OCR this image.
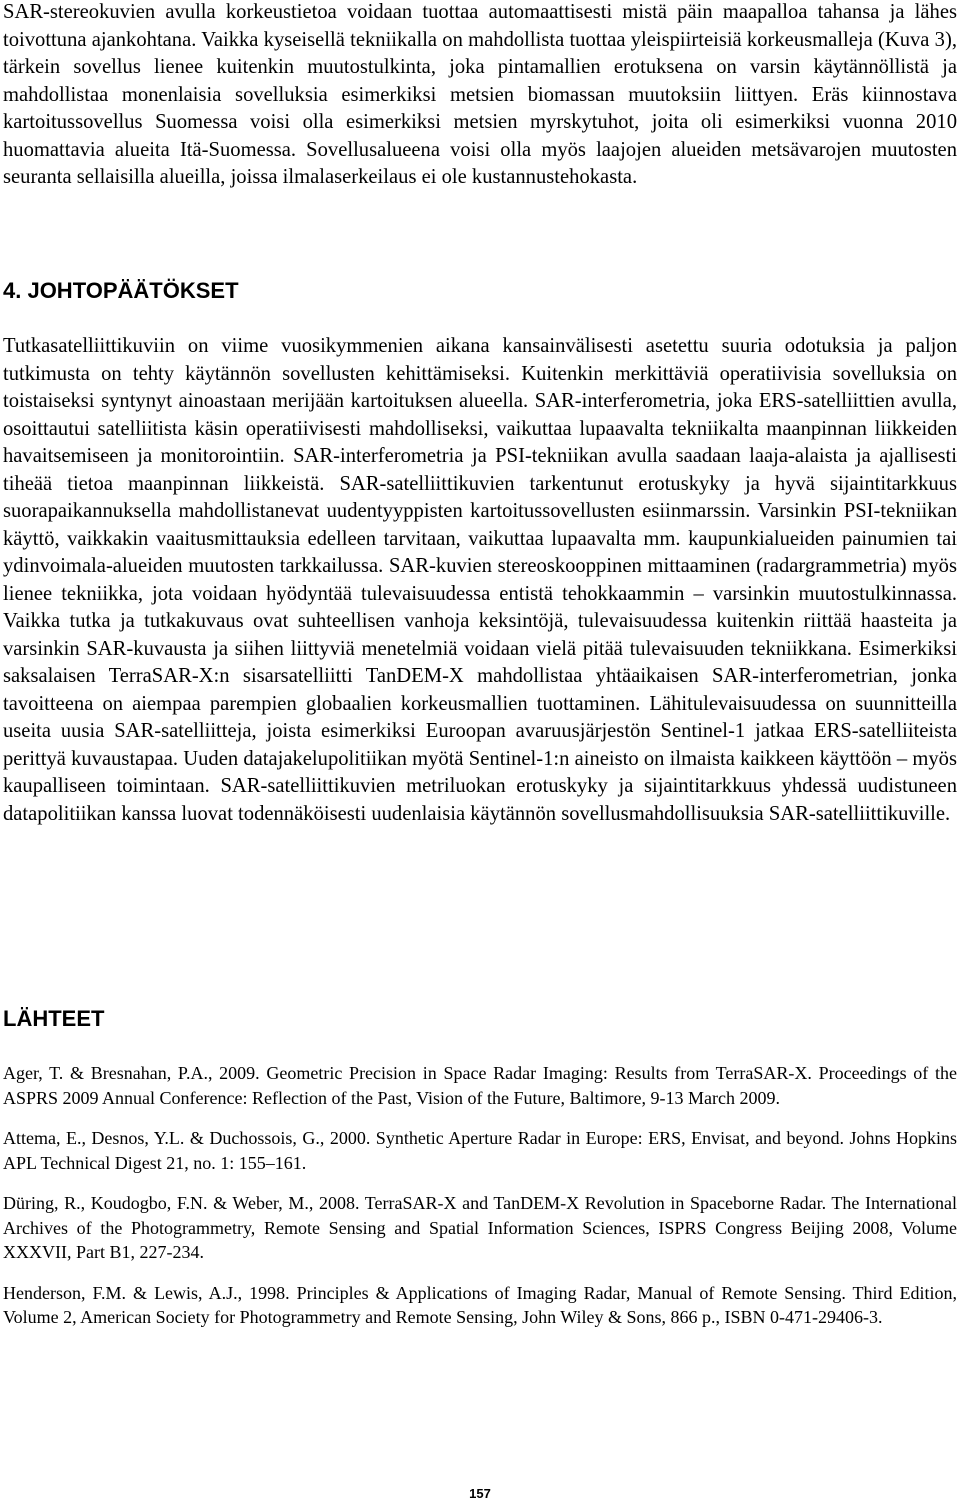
SAR-stereokuvien avulla korkeustietoa voidaan tuottaa automaattisesti mistä päin maapalloa tahansa ja lähes toivottuna ajankohtana. Vaikka kyseisellä tekniikalla on mahdollista tuottaa yleispiirteisiä korkeusmalleja (Kuva 3), tärkein sovellus lienee kuitenkin muutostulkinta, joka pintamallien erotuksena on varsin käytännöllistä ja mahdollistaa monenlaisia sovelluksia esimerkiksi metsien biomassan muutoksiin liittyen. Eräs kiinnostava kartoitussovellus Suomessa voisi olla esimerkiksi metsien myrskytuhot, joita oli esimerkiksi vuonna 2010 huomattavia alueita Itä-Suomessa. Sovellusalueena voisi olla myös laajojen alueiden metsävarojen muutosten seuranta sellaisilla alueilla, joissa ilmalaserkeilaus ei ole kustannustehokasta.

4. JOHTOPÄÄTÖKSET

Tutkasatelliittikuviin on viime vuosikymmenien aikana kansainvälisesti asetettu suuria odotuksia ja paljon tutkimusta on tehty käytännön sovellusten kehittämiseksi. Kuitenkin merkittäviä operatiivisia sovelluksia on toistaiseksi syntynyt ainoastaan merijään kartoituksen alueella. SAR-interferometria, joka ERS-satelliittien avulla, osoittautui satelliitista käsin operatiivisesti mahdolliseksi, vaikuttaa lupaavalta tekniikalta maanpinnan liikkeiden havaitsemiseen ja monitorointiin. SAR-interferometria ja PSI-tekniikan avulla saadaan laaja-alaista ja ajallisesti tiheää tietoa maanpinnan liikkeistä. SAR-satelliittikuvien tarkentunut erotuskyky ja hyvä sijaintitarkkuus suorapaikannuksella mahdollistanevat uudentyyppisten kartoitussovellusten esiinmarssin. Varsinkin PSI-tekniikan käyttö, vaikkakin vaaitusmittauksia edelleen tarvitaan, vaikuttaa lupaavalta mm. kaupunkialueiden painumien tai ydinvoimala-alueiden muutosten tarkkailussa. SAR-kuvien stereoskooppinen mittaaminen (radargrammetria) myös lienee tekniikka, jota voidaan hyödyntää tulevaisuudessa entistä tehokkaammin – varsinkin muutostulkinnassa. Vaikka tutka ja tutkakuvaus ovat suhteellisen vanhoja keksintöjä, tulevaisuudessa kuitenkin riittää haasteita ja varsinkin SAR-kuvausta ja siihen liittyviä menetelmiä voidaan vielä pitää tulevaisuuden tekniikkana. Esimerkiksi saksalaisen TerraSAR-X:n sisarsatelliitti TanDEM-X mahdollistaa yhtäaikaisen SAR-interferometrian, jonka tavoitteena on aiempaa parempien globaalien korkeusmallien tuottaminen. Lähitulevaisuudessa on suunnitteilla useita uusia SAR-satelliitteja, joista esimerkiksi Euroopan avaruusjärjestön Sentinel-1 jatkaa ERS-satelliiteista perittyä kuvaustapaa. Uuden datajakelupolitiikan myötä Sentinel-1:n aineisto on ilmaista kaikkeen käyttöön – myös kaupalliseen toimintaan. SAR-satelliittikuvien metriluokan erotuskyky ja sijaintitarkkuus yhdessä uudistuneen datapolitiikan kanssa luovat todennäköisesti uudenlaisia käytännön sovellusmahdollisuuksia SAR-satelliittikuville.

LÄHTEET
Ager, T. & Bresnahan, P.A., 2009. Geometric Precision in Space Radar Imaging: Results from TerraSAR-X. Proceedings of the ASPRS 2009 Annual Conference: Reflection of the Past, Vision of the Future, Baltimore, 9-13 March 2009.
Attema, E., Desnos, Y.L. & Duchossois, G., 2000. Synthetic Aperture Radar in Europe: ERS, Envisat, and beyond. Johns Hopkins APL Technical Digest 21, no. 1: 155–161.
Düring, R., Koudogbo, F.N. & Weber, M., 2008. TerraSAR-X and TanDEM-X Revolution in Spaceborne Radar. The International Archives of the Photogrammetry, Remote Sensing and Spatial Information Sciences, ISPRS Congress Beijing 2008, Volume XXXVII, Part B1, 227-234.
Henderson, F.M. & Lewis, A.J., 1998. Principles & Applications of Imaging Radar, Manual of Remote Sensing. Third Edition, Volume 2, American Society for Photogrammetry and Remote Sensing, John Wiley & Sons, 866 p., ISBN 0-471-29406-3.
157
